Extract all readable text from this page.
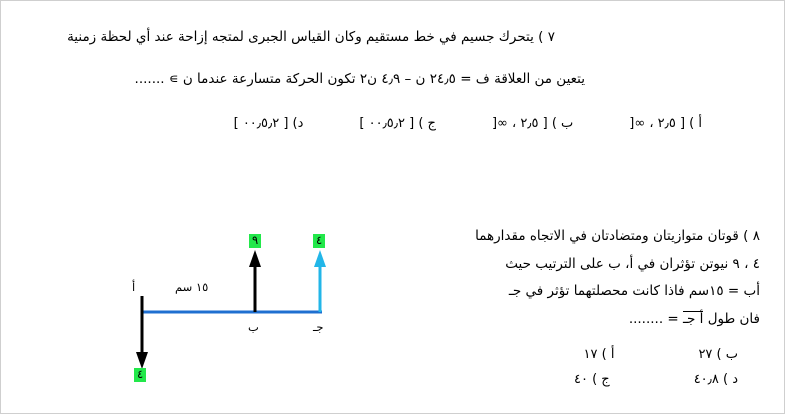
٧ ) يتحرك جسيم في خط مستقيم وكان القياس الجبرى لمتجه إزاحة عند أي لحظة زمنية
يتعين من العلاقة ف = ٢٤٫٥ ن – ٤٫٩ ن٢ تكون الحركة متسارعة عندما ن ∍ .......
أ ) [ ٢٫٥ ، ∞[
ب ) [ ٢٫٥ ، ∞[
ج ) [ ٠٠٫٥٫٢ ]
د) [ ٠٠٫٥٫٢ ]
٨ ) قوتان متوازيتان ومتضادتان في الاتجاه مقدارهما
٤ ، ٩ نيوتن تؤثران في أ، ب على الترتيب حيث
أب = ١٥سم فاذا كانت محصلتهما تؤثر في جـ
فان طول أ جـ = ........
ب ) ٢٧
أ ) ١٧
د ) ٤٠٫٨
ج ) ٤٠
أ
ب	جـ
١٥ سم
٩	٤
٤
